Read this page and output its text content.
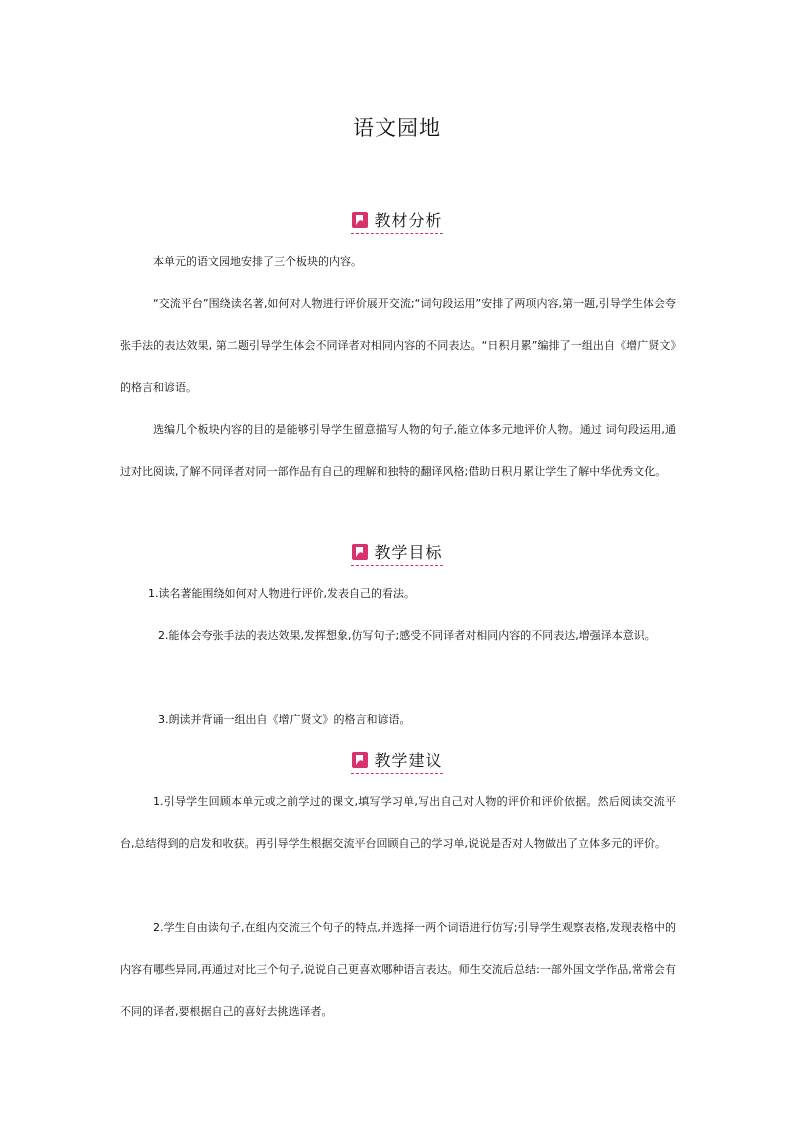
语文园地
教材分析

本单元的语文园地安排了三个板块的内容。

“交流平台”围绕读名著,如何对人物进行评价展开交流;“词句段运用”安排了两项内容,第一题,引导学生体会夸张手法的表达效果, 第二题引导学生体会不同译者对相同内容的不同表达。“日积月累”编排了一组出自《增广贤文》的格言和谚语。

选编几个板块内容的目的是能够引导学生留意描写人物的句子,能立体多元地评价人物。通过 词句段运用,通过对比阅读,了解不同译者对同一部作品有自己的理解和独特的翻译风格;借助日积月累让学生了解中华优秀文化。

教学目标

1.读名著能围绕如何对人物进行评价,发表自己的看法。

2.能体会夸张手法的表达效果,发挥想象,仿写句子;感受不同译者对相同内容的不同表达,增强译本意识。

3.朗读并背诵一组出自《增广贤文》的格言和谚语。

教学建议

1.引导学生回顾本单元或之前学过的课文,填写学习单,写出自己对人物的评价和评价依据。然后阅读交流平台,总结得到的启发和收获。再引导学生根据交流平台回顾自己的学习单,说说是否对人物做出了立体多元的评价。

2.学生自由读句子,在组内交流三个句子的特点,并选择一两个词语进行仿写;引导学生观察表格,发现表格中的内容有哪些异同,再通过对比三个句子,说说自己更喜欢哪种语言表达。师生交流后总结:一部外国文学作品,常常会有不同的译者,要根据自己的喜好去挑选译者。
